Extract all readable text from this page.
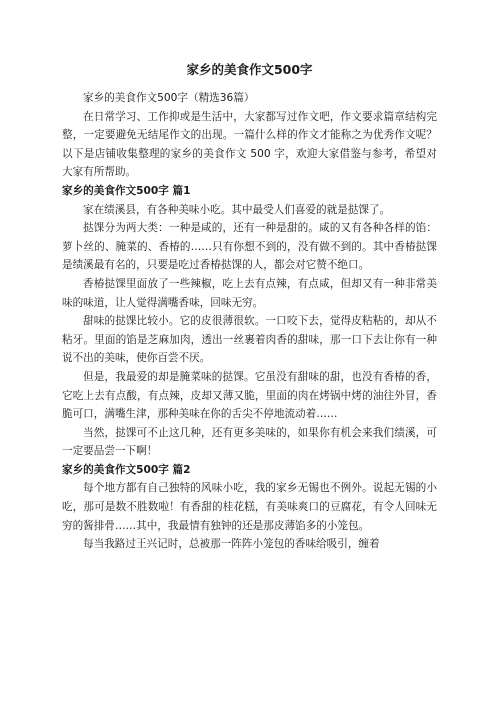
家乡的美食作文500字

家乡的美食作文500字（精选36篇）

在日常学习、工作抑或是生活中，大家都写过作文吧，作文要求篇章结构完整，一定要避免无结尾作文的出现。一篇什么样的作文才能称之为优秀作文呢？以下是店铺收集整理的家乡的美食作文 500 字，欢迎大家借鉴与参考，希望对大家有所帮助。

家乡的美食作文500字 篇1

家在绩溪县，有各种美味小吃。其中最受人们喜爱的就是挞馃了。

挞馃分为两大类：一种是咸的，还有一种是甜的。咸的又有各种各样的馅：萝卜丝的、腌菜的、香椿的……只有你想不到的，没有做不到的。其中香椿挞馃是绩溪最有名的，只要是吃过香椿挞馃的人，都会对它赞不绝口。

香椿挞馃里面放了一些辣椒，吃上去有点辣，有点咸，但却又有一种非常美味的味道，让人觉得满嘴香味，回味无穷。

甜味的挞馃比较小。它的皮很薄很软。一口咬下去，觉得皮粘粘的，却从不粘牙。里面的馅是芝麻加肉，透出一丝裹着肉香的甜味，那一口下去让你有一种说不出的美味，使你百尝不厌。

但是，我最爱的却是腌菜味的挞馃。它虽没有甜味的甜，也没有香椿的香，它吃上去有点酸，有点辣，皮却又薄又脆，里面的肉在烤锅中烤的油往外冒，香脆可口，满嘴生津，那种美味在你的舌尖不停地流动着……

当然，挞馃可不止这几种，还有更多美味的，如果你有机会来我们绩溪，可一定要品尝一下啊！

家乡的美食作文500字 篇2

每个地方都有自己独特的风味小吃，我的家乡无锡也不例外。说起无锡的小吃，那可是数不胜数啦！有香甜的桂花糕，有美味爽口的豆腐花，有令人回味无穷的酱排骨……其中，我最情有独钟的还是那皮薄馅多的小笼包。

每当我路过王兴记时，总被那一阵阵小笼包的香味给吸引，缠着
